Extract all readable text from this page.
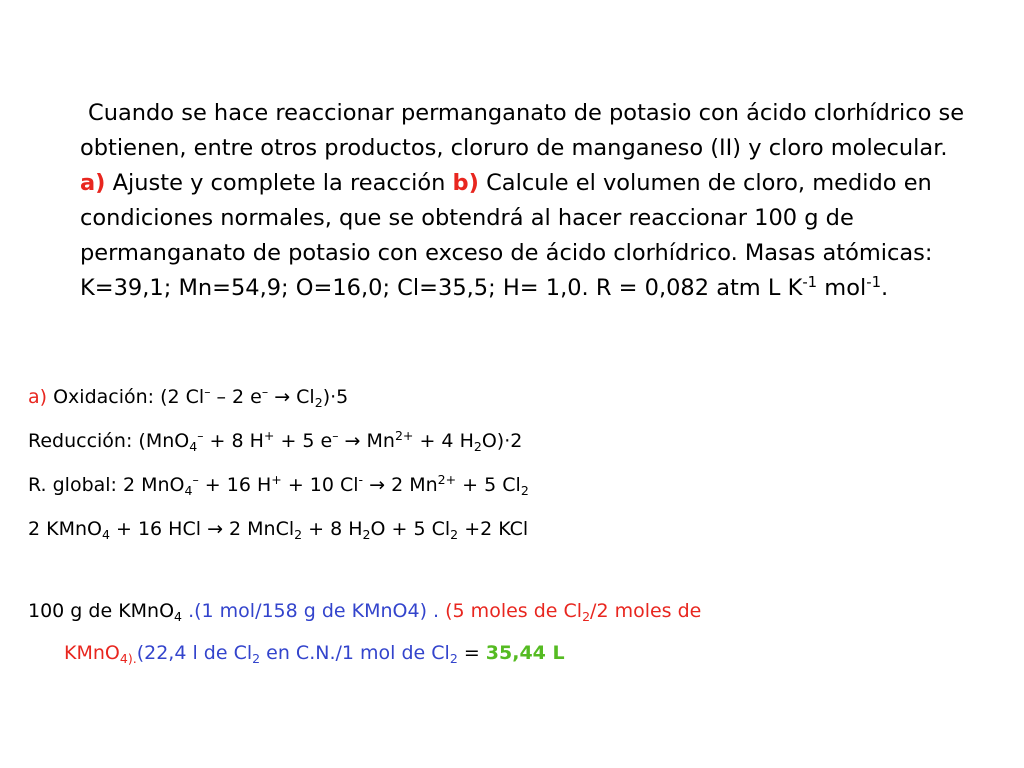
Cuando se hace reaccionar permanganato de potasio con ácido clorhídrico se obtienen, entre otros productos, cloruro de manganeso (II) y cloro molecular. a) Ajuste y complete la reacción b) Calcule el volumen de cloro, medido en condiciones normales, que se obtendrá al hacer reaccionar 100 g de permanganato de potasio con exceso de ácido clorhídrico. Masas atómicas: K=39,1; Mn=54,9; O=16,0; Cl=35,5; H= 1,0. R = 0,082 atm L $K^{-1}$ mol$^{-1}$.
a) Oxidación: (2 Cl– – 2 $e^- \to Cl_2)\cdot 5$
Reducción: (MnO$_4$– + 8 H+ + 5 $e^- \to Mn^{2+} + 4$ $H_2O)\cdot 2$
R. global: 2 MnO$_4$– + 16 H+ + 10 Cl- → 2 $Mn^{2+} + 5$ $Cl_2$
2 KMnO$_4$ + 16 HCl → 2 MnCl$_2$ + 8 $H_2O + 5$ $Cl_2 +2$ KCl
100 g de KMnO$_4$ .(1 mol/158 g de KMnO4) . (5 moles de $Cl_2/2$ moles de
KMnO$_{4).}$(22,4 l de $Cl_2$ en C.N./1 mol de $Cl_2 = 35,44$ L
